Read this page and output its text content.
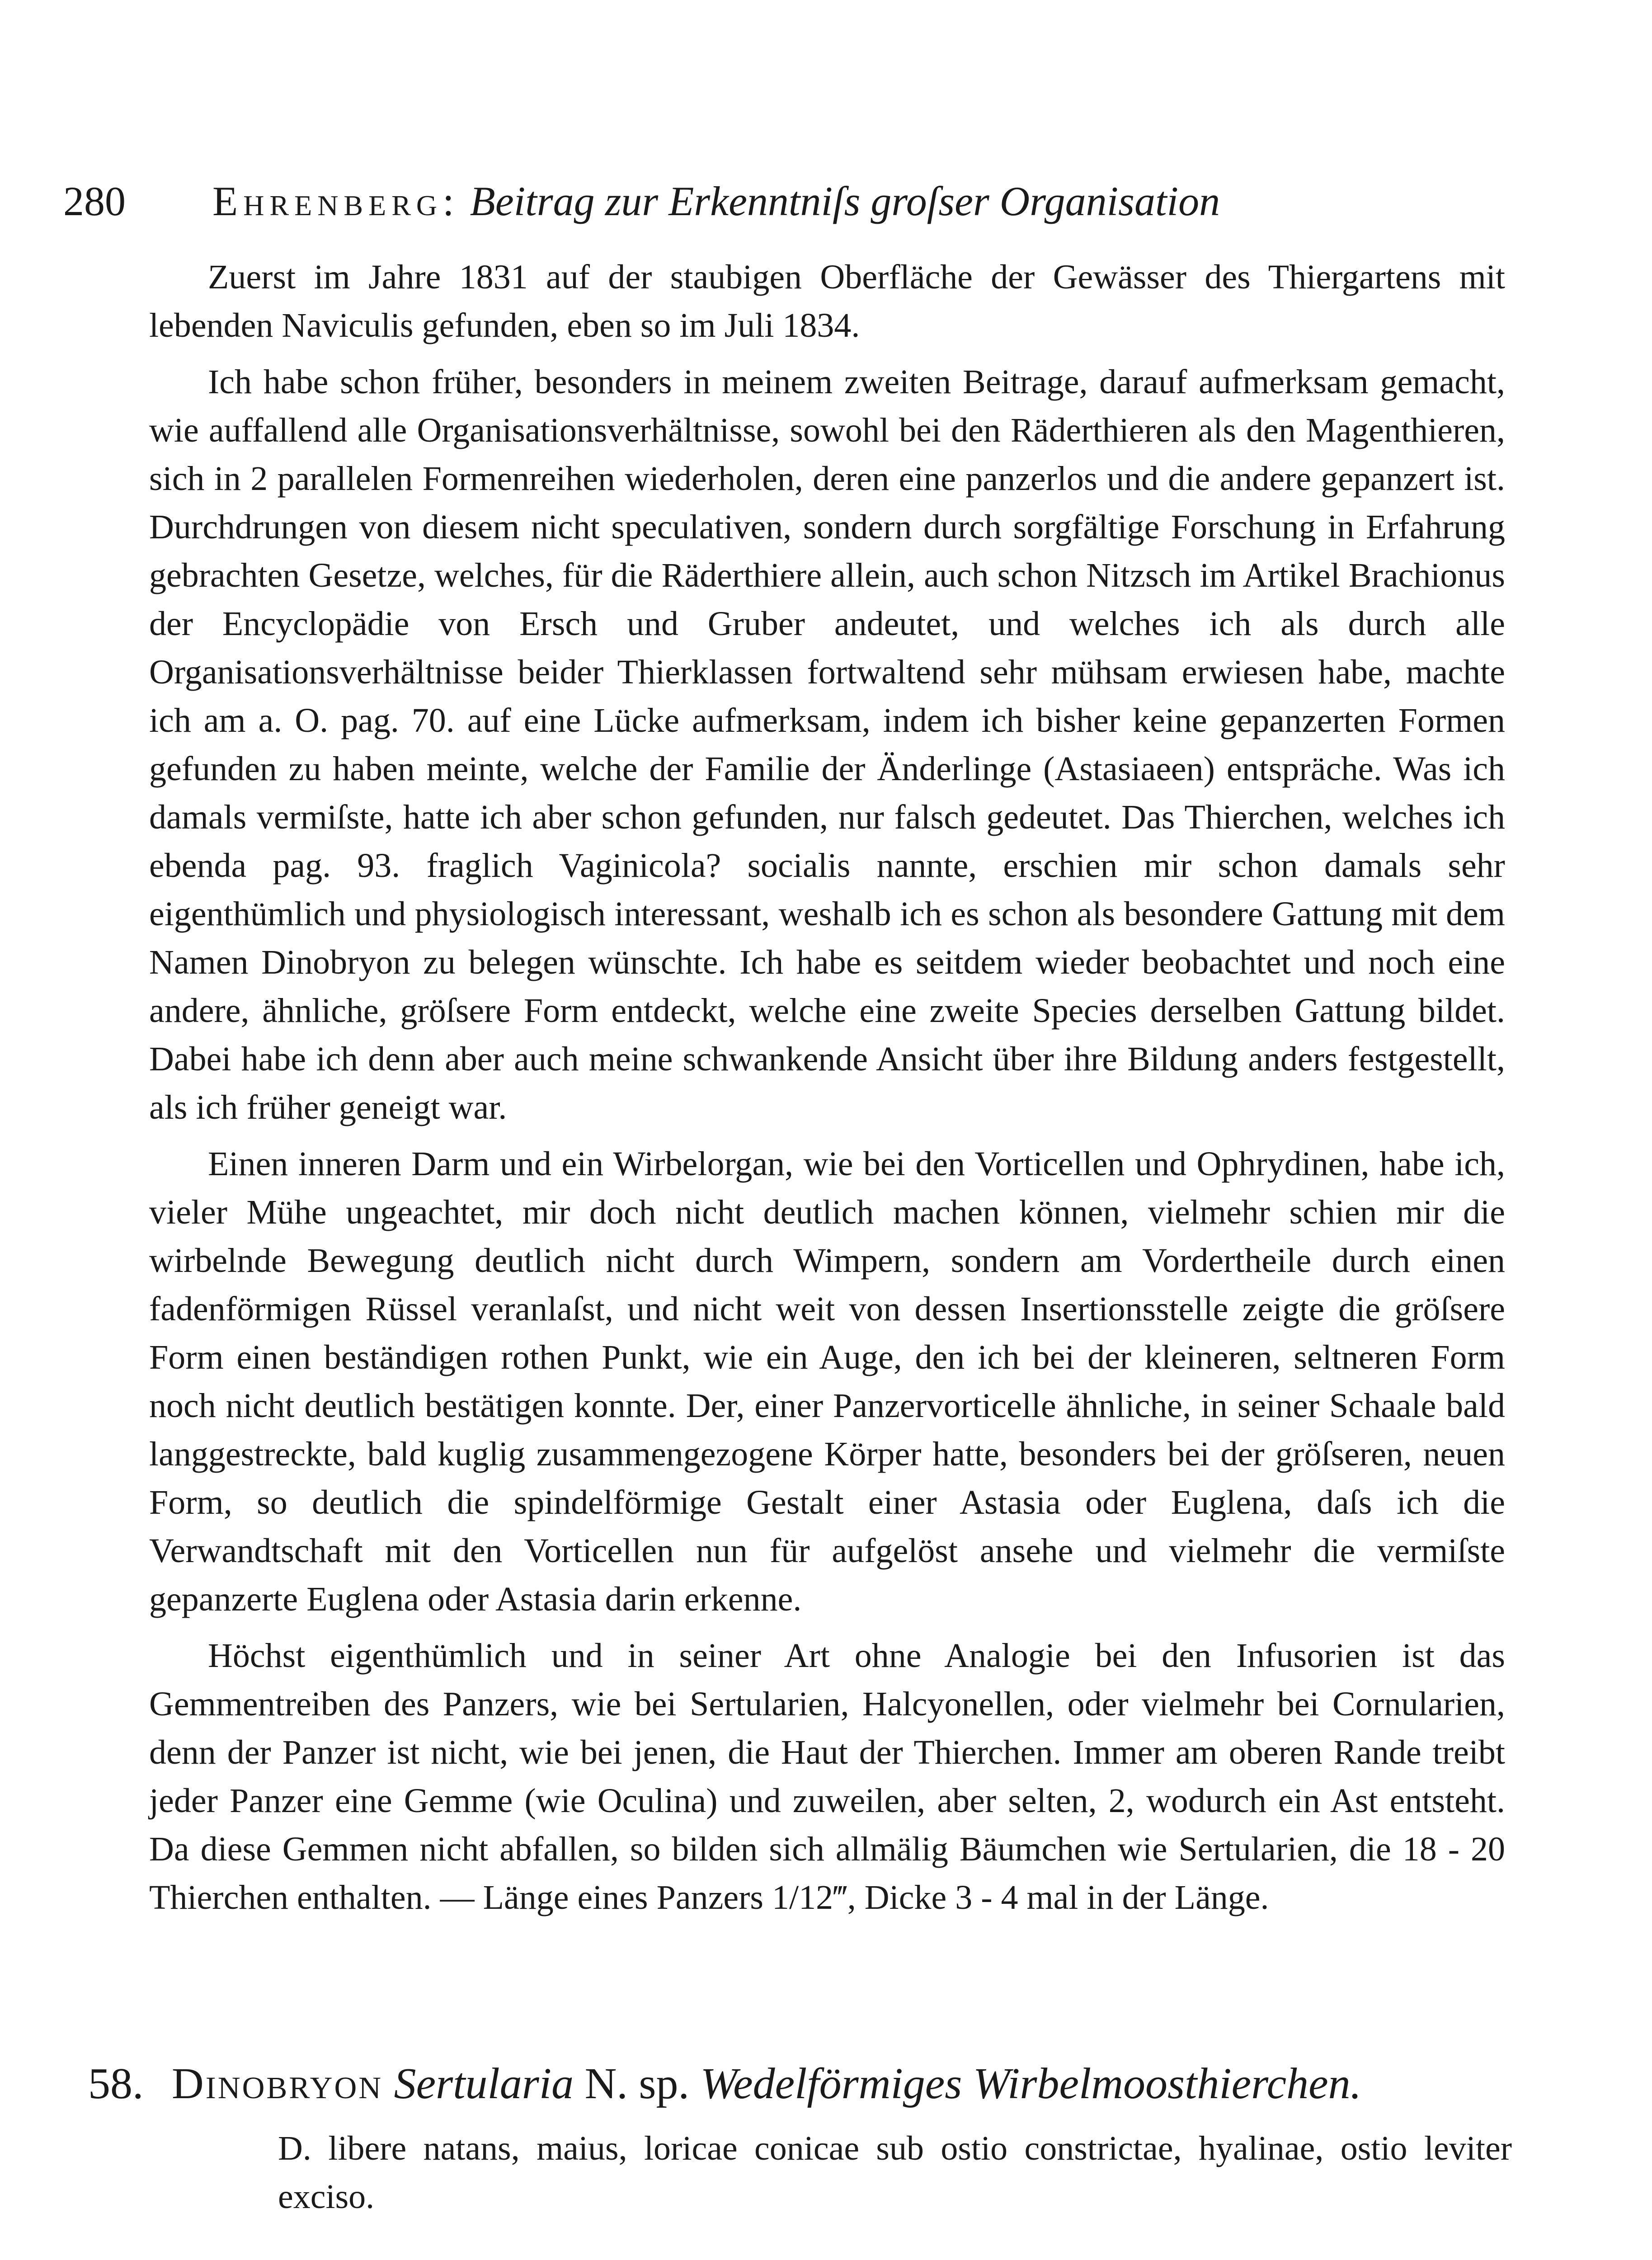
280 Ehrenberg: Beitrag zur Erkenntniſs groſser Organisation

Zuerst im Jahre 1831 auf der staubigen Oberfläche der Gewässer des Thiergartens mit lebenden Naviculis gefunden, eben so im Juli 1834.

Ich habe schon früher, besonders in meinem zweiten Beitrage, darauf aufmerksam gemacht, wie auffallend alle Organisationsverhältnisse, sowohl bei den Räderthieren als den Magenthieren, sich in 2 parallelen Formenreihen wiederholen, deren eine panzerlos und die andere gepanzert ist. Durchdrungen von diesem nicht speculativen, sondern durch sorgfältige Forschung in Erfahrung gebrachten Gesetze, welches, für die Räderthiere allein, auch schon Nitzsch im Artikel Brachionus der Encyclopädie von Ersch und Gruber andeutet, und welches ich als durch alle Organisationsverhältnisse beider Thierklassen fortwaltend sehr mühsam erwiesen habe, machte ich am a. O. pag. 70. auf eine Lücke aufmerksam, indem ich bisher keine gepanzerten Formen gefunden zu haben meinte, welche der Familie der Änderlinge (Astasiaeen) entspräche. Was ich damals vermiſste, hatte ich aber schon gefunden, nur falsch gedeutet. Das Thierchen, welches ich ebenda pag. 93. fraglich Vaginicola? socialis nannte, erschien mir schon damals sehr eigenthümlich und physiologisch interessant, weshalb ich es schon als besondere Gattung mit dem Namen Dinobryon zu belegen wünschte. Ich habe es seitdem wieder beobachtet und noch eine andere, ähnliche, gröſsere Form entdeckt, welche eine zweite Species derselben Gattung bildet. Dabei habe ich denn aber auch meine schwankende Ansicht über ihre Bildung anders festgestellt, als ich früher geneigt war.

Einen inneren Darm und ein Wirbelorgan, wie bei den Vorticellen und Ophrydinen, habe ich, vieler Mühe ungeachtet, mir doch nicht deutlich machen können, vielmehr schien mir die wirbelnde Bewegung deutlich nicht durch Wimpern, sondern am Vordertheile durch einen fadenförmigen Rüssel veranlaſst, und nicht weit von dessen Insertionsstelle zeigte die gröſsere Form einen beständigen rothen Punkt, wie ein Auge, den ich bei der kleineren, seltneren Form noch nicht deutlich bestätigen konnte. Der, einer Panzervorticelle ähnliche, in seiner Schaale bald langgestreckte, bald kuglig zusammengezogene Körper hatte, besonders bei der gröſseren, neuen Form, so deutlich die spindelförmige Gestalt einer Astasia oder Euglena, daſs ich die Verwandtschaft mit den Vorticellen nun für aufgelöst ansehe und vielmehr die vermiſste gepanzerte Euglena oder Astasia darin erkenne.

Höchst eigenthümlich und in seiner Art ohne Analogie bei den Infusorien ist das Gemmentreiben des Panzers, wie bei Sertularien, Halcyonellen, oder vielmehr bei Cornularien, denn der Panzer ist nicht, wie bei jenen, die Haut der Thierchen. Immer am oberen Rande treibt jeder Panzer eine Gemme (wie Oculina) und zuweilen, aber selten, 2, wodurch ein Ast entsteht. Da diese Gemmen nicht abfallen, so bilden sich allmälig Bäumchen wie Sertularien, die 18 - 20 Thierchen enthalten. — Länge eines Panzers 1/12‴, Dicke 3 - 4 mal in der Länge.

58. Dinobryon Sertularia N. sp. Wedelförmiges Wirbelmoosthierchen.
D. libere natans, maius, loricae conicae sub ostio constrictae, hyalinae, ostio leviter exciso.
